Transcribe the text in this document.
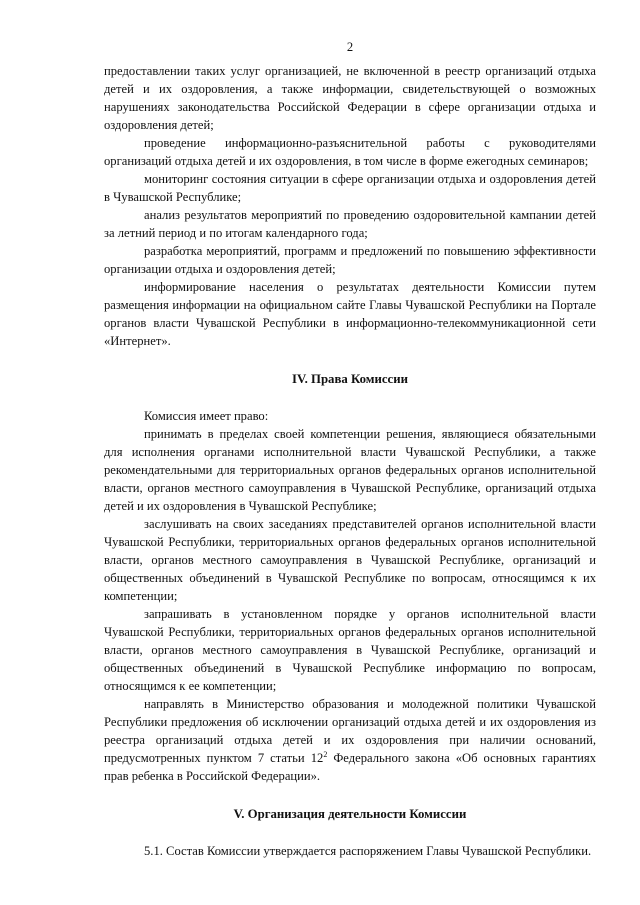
2

предоставлении таких услуг организацией, не включенной в реестр организаций отдыха детей и их оздоровления, а также информации, свидетельствующей о возможных нарушениях законодательства Российской Федерации в сфере организации отдыха и оздоровления детей;

проведение информационно-разъяснительной работы с руководителями организаций отдыха детей и их оздоровления, в том числе в форме ежегодных семинаров;

мониторинг состояния ситуации в сфере организации отдыха и оздоровления детей в Чувашской Республике;

анализ результатов мероприятий по проведению оздоровительной кампании детей за летний период и по итогам календарного года;

разработка мероприятий, программ и предложений по повышению эффективности организации отдыха и оздоровления детей;

информирование населения о результатах деятельности Комиссии путем размещения информации на официальном сайте Главы Чувашской Республики на Портале органов власти Чувашской Республики в информационно-телекоммуникационной сети «Интернет».

IV. Права Комиссии

Комиссия имеет право:

принимать в пределах своей компетенции решения, являющиеся обязательными для исполнения органами исполнительной власти Чувашской Республики, а также рекомендательными для территориальных органов федеральных органов исполнительной власти, органов местного самоуправления в Чувашской Республике, организаций отдыха детей и их оздоровления в Чувашской Республике;

заслушивать на своих заседаниях представителей органов исполнительной власти Чувашской Республики, территориальных органов федеральных органов исполнительной власти, органов местного самоуправления в Чувашской Республике, организаций и общественных объединений в Чувашской Республике по вопросам, относящимся к их компетенции;

запрашивать в установленном порядке у органов исполнительной власти Чувашской Республики, территориальных органов федеральных органов исполнительной власти, органов местного самоуправления в Чувашской Республике, организаций и общественных объединений в Чувашской Республике информацию по вопросам, относящимся к ее компетенции;

направлять в Министерство образования и молодежной политики Чувашской Республики предложения об исключении организаций отдыха детей и их оздоровления из реестра организаций отдыха детей и их оздоровления при наличии оснований, предусмотренных пунктом 7 статьи $12^2$ Федерального закона «Об основных гарантиях прав ребенка в Российской Федерации».

V. Организация деятельности Комиссии

5.1. Состав Комиссии утверждается распоряжением Главы Чувашской Республики.
